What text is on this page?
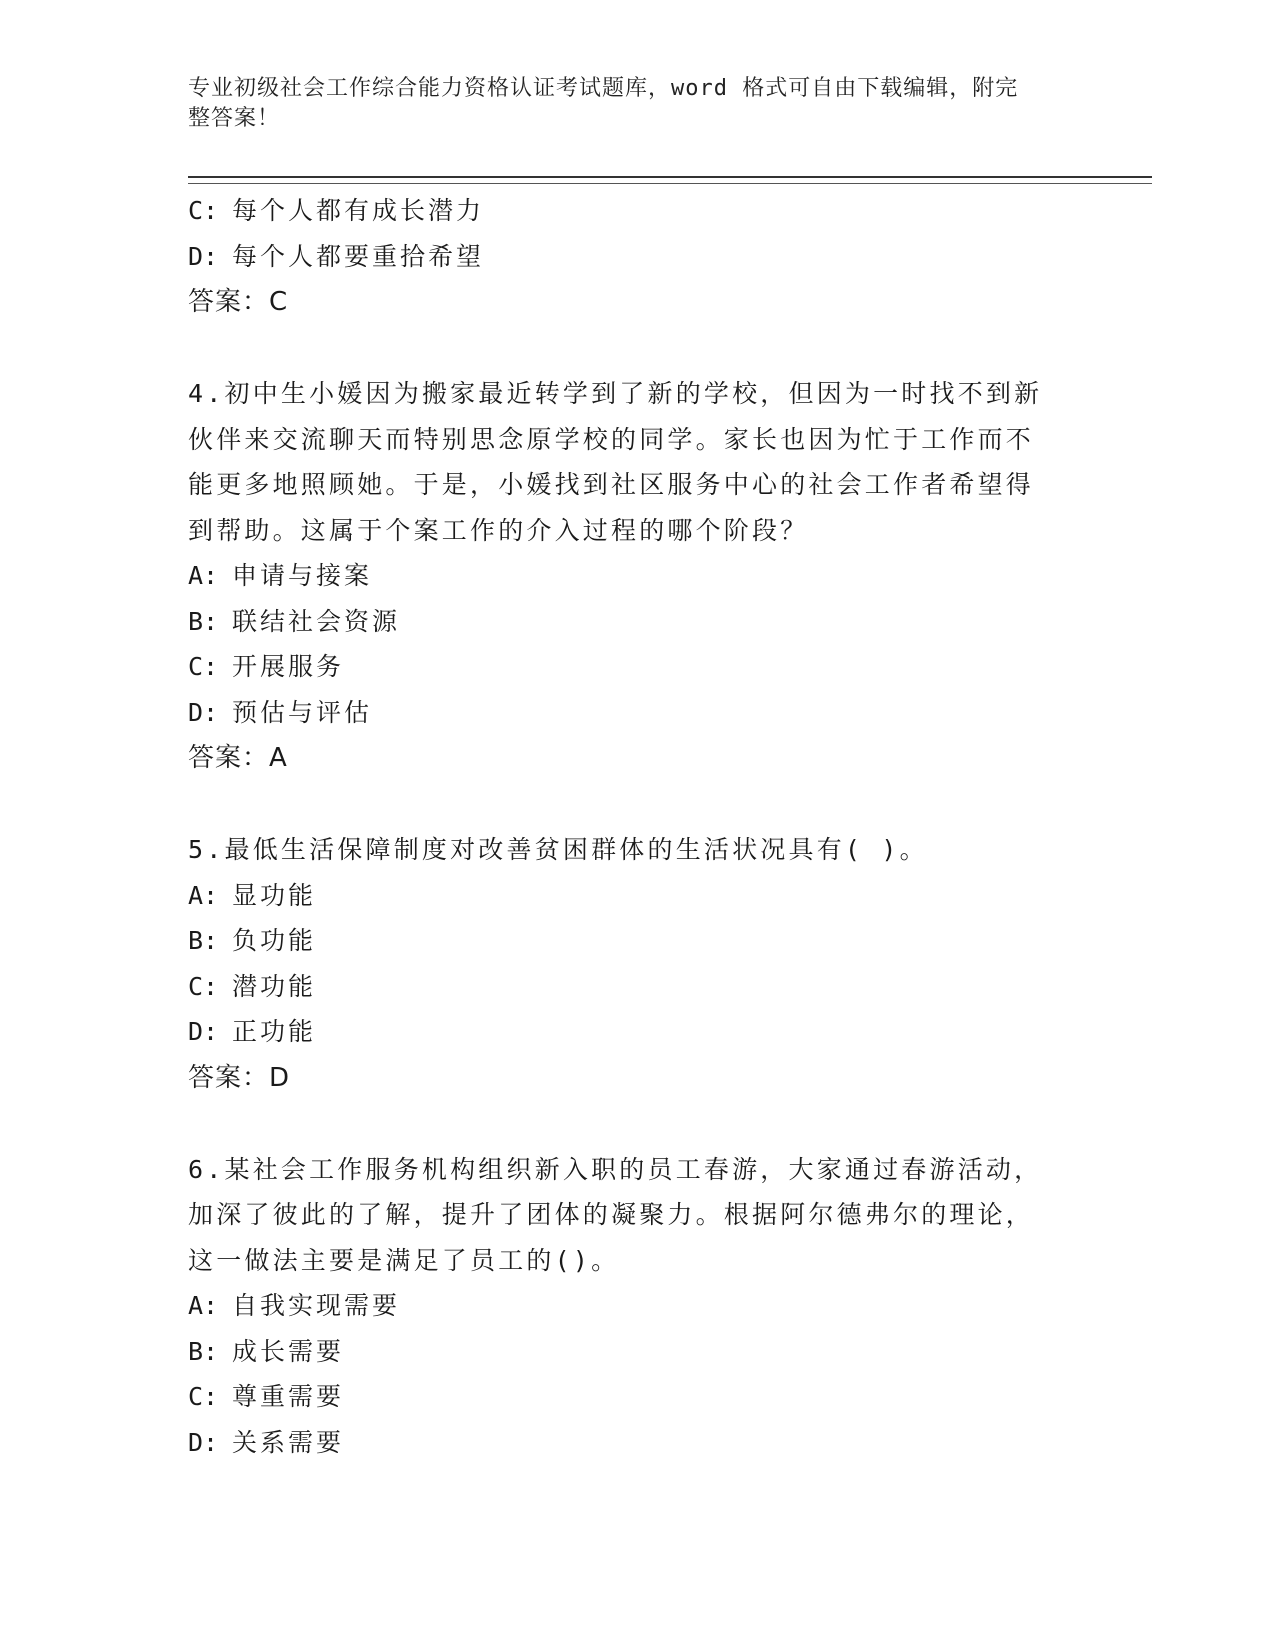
专业初级社会工作综合能力资格认证考试题库，word 格式可自由下载编辑，附完
整答案！
C: 每个人都有成长潜力
D: 每个人都要重拾希望
答案：C
4.初中生小媛因为搬家最近转学到了新的学校，但因为一时找不到新
伙伴来交流聊天而特别思念原学校的同学。家长也因为忙于工作而不
能更多地照顾她。于是，小媛找到社区服务中心的社会工作者希望得
到帮助。这属于个案工作的介入过程的哪个阶段？
A: 申请与接案
B: 联结社会资源
C: 开展服务
D: 预估与评估
答案：A
5.最低生活保障制度对改善贫困群体的生活状况具有( )。
A: 显功能
B: 负功能
C: 潜功能
D: 正功能
答案：D
6.某社会工作服务机构组织新入职的员工春游，大家通过春游活动，
加深了彼此的了解，提升了团体的凝聚力。根据阿尔德弗尔的理论，
这一做法主要是满足了员工的()。
A: 自我实现需要
B: 成长需要
C: 尊重需要
D: 关系需要
